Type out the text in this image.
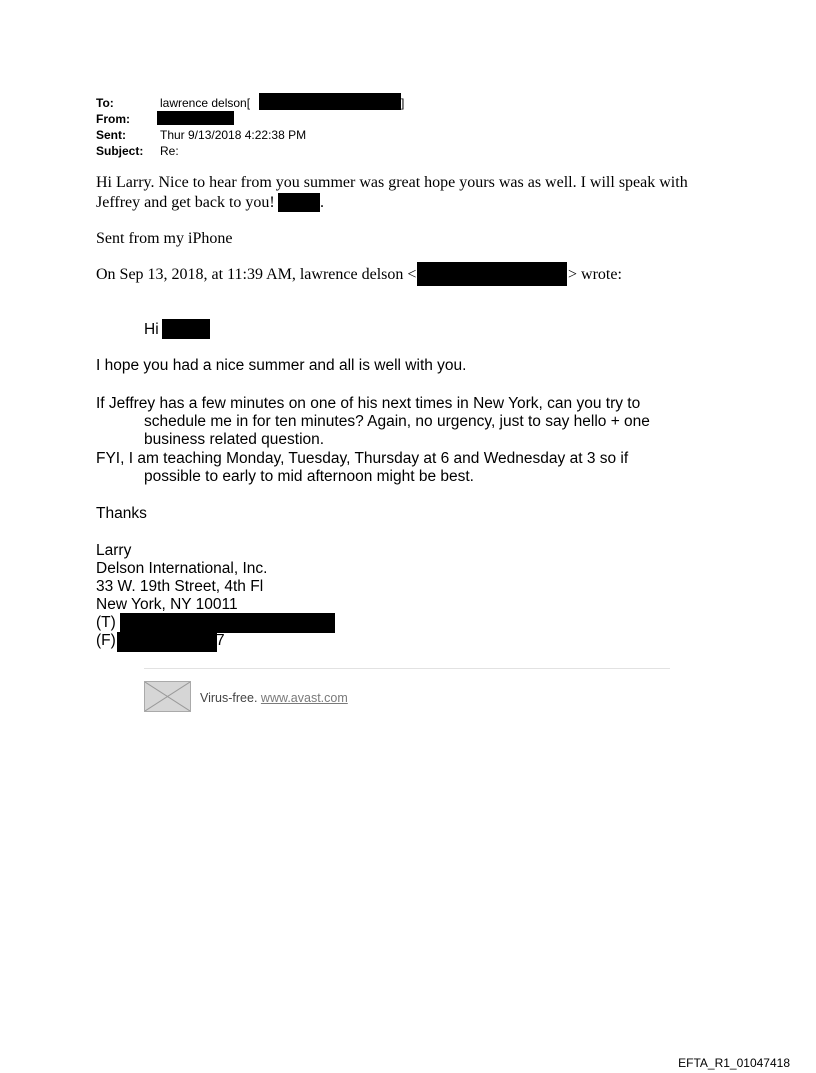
To:	lawrence delson[	]
From:
Sent:	Thur 9/13/2018 4:22:38 PM
Subject: Re:
Hi Larry. Nice to hear from you summer was great hope yours was as well. I will speak with
Jeffrey and get back to you!	.
Sent from my iPhone
On Sep 13, 2018, at 11:39 AM, lawrence delson <	> wrote:
Hi
I hope you had a nice summer and all is well with you.
If Jeffrey has a few minutes on one of his next times in New York, can you try to
schedule me in for ten minutes? Again, no urgency, just to say hello + one
business related question.
FYI, I am teaching Monday, Tuesday, Thursday at 6 and Wednesday at 3 so if
possible to early to mid afternoon might be best.
Thanks
Larry
Delson International, Inc.
33 W. 19th Street, 4th Fl
New York, NY 10011
(T)
(F)	7
Virus-free. www.avast.com
EFTA_R1_01047418
